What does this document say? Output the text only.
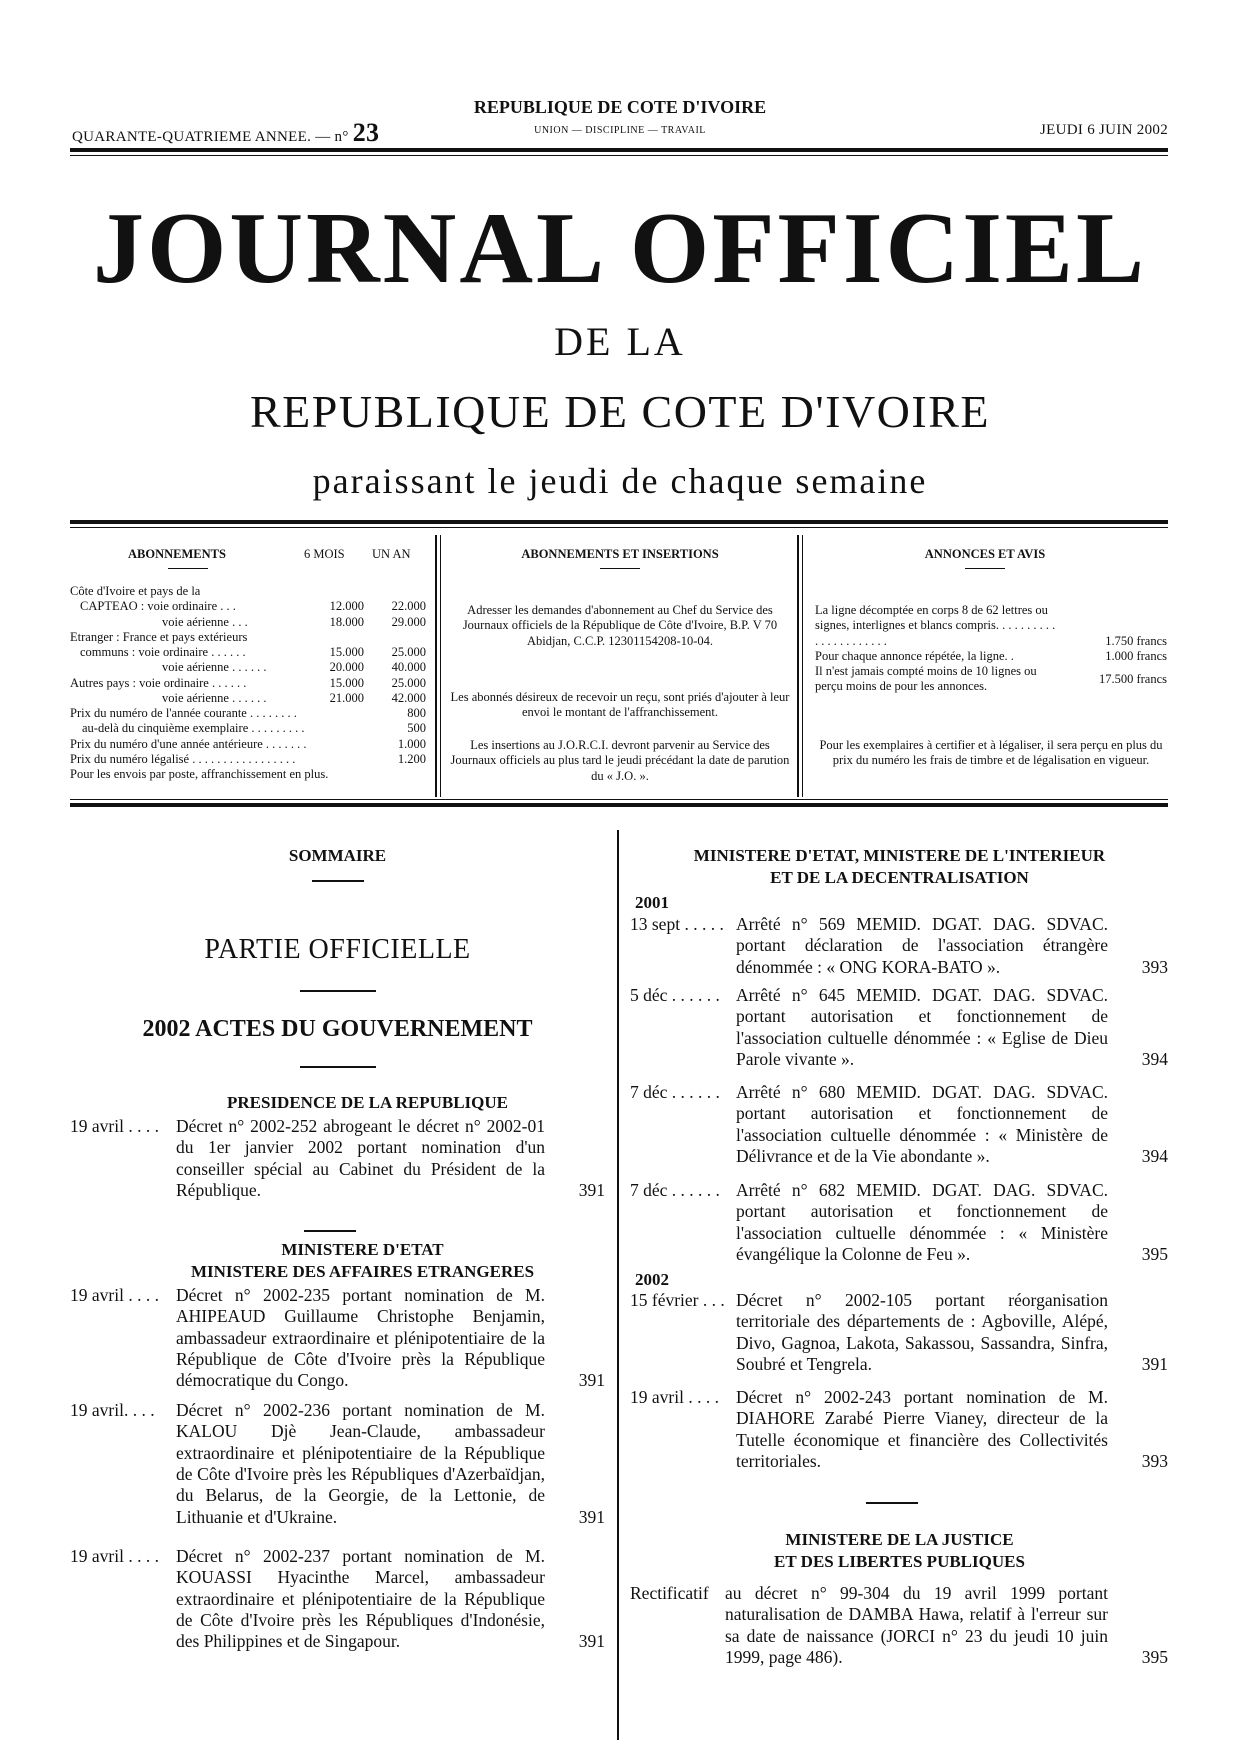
QUARANTE-QUATRIEME ANNEE. — n° 23
REPUBLIQUE DE COTE D'IVOIRE
UNION — DISCIPLINE — TRAVAIL	JEUDI 6 JUIN 2002
JOURNAL OFFICIEL
DE LA
REPUBLIQUE DE COTE D'IVOIRE
paraissant le jeudi de chaque semaine
ABONNEMENTS	6 MOIS UN AN
Côte d'Ivoire et pays de la
CAPTEAO : voie ordinaire . . .	12.000	22.000
voie aérienne . . .	18.000	29.000
Etranger : France et pays extérieurs
communs : voie ordinaire . . . . . .	15.000	25.000
voie aérienne . . . . . .	20.000	40.000
Autres pays : voie ordinaire . . . . . .	15.000	25.000
voie aérienne . . . . . .	21.000	42.000
Prix du numéro de l'année courante . . . . . . . .	800
au-delà du cinquième exemplaire . . . . . . . . .	500
Prix du numéro d'une année antérieure . . . . . . .	1.000
Prix du numéro légalisé . . . . . . . . . . . . . . . . .	1.200
Pour les envois par poste, affranchissement en plus.
ABONNEMENTS ET INSERTIONS
Adresser les demandes d'abonnement au Chef du Service des Journaux officiels de la République de Côte d'Ivoire, B.P. V 70 Abidjan, C.C.P. 12301154208-10-04.
Les abonnés désireux de recevoir un reçu, sont priés d'ajouter à leur envoi le montant de l'affranchissement.
Les insertions au J.O.R.C.I. devront parvenir au Service des Journaux officiels au plus tard le jeudi précédant la date de parution du « J.O. ».
ANNONCES ET AVIS
La ligne décomptée en corps 8 de 62 lettres ou signes, interlignes et blancs compris. . . . . . . . . . . . . . . . . . . . . .	1.750 francs
Pour chaque annonce répétée, la ligne. .	1.000 francs
Il n'est jamais compté moins de 10 lignes ou perçu moins de pour les annonces.
17.500 francs
Pour les exemplaires à certifier et à légaliser, il sera perçu en plus du prix du numéro les frais de timbre et de légalisation en vigueur.
SOMMAIRE
PARTIE OFFICIELLE
2002 ACTES DU GOUVERNEMENT
PRESIDENCE DE LA REPUBLIQUE
19 avril . . . . Décret n° 2002-252 abrogeant le décret n° 2002-01 du 1er janvier 2002 portant nomination d'un conseiller spécial au Cabinet du Président de la République.	391
MINISTERE D'ETAT
MINISTERE DES AFFAIRES ETRANGERES
19 avril . . . . Décret n° 2002-235 portant nomination de M. AHIPEAUD Guillaume Christophe Benjamin, ambassadeur extraordinaire et plénipotentiaire de la République de Côte d'Ivoire près la République démocratique du Congo.	391
19 avril. . . . Décret n° 2002-236 portant nomination de M. KALOU Djè Jean-Claude, ambassadeur extraordinaire et plénipotentiaire de la République de Côte d'Ivoire près les Républiques d'Azerbaïdjan, du Belarus, de la Georgie, de la Lettonie, de Lithuanie et d'Ukraine.	391
19 avril . . . . Décret n° 2002-237 portant nomination de M. KOUASSI Hyacinthe Marcel, ambassadeur extraordinaire et plénipotentiaire de la République de Côte d'Ivoire près les Républiques d'Indonésie, des Philippines et de Singapour.	391
MINISTERE D'ETAT, MINISTERE DE L'INTERIEUR
ET DE LA DECENTRALISATION
2001
13 sept . . . . . Arrêté n° 569 MEMID. DGAT. DAG. SDVAC. portant déclaration de l'association étrangère dénommée : « ONG KORA-BATO ».	393
5 déc . . . . . . Arrêté n° 645 MEMID. DGAT. DAG. SDVAC. portant autorisation et fonctionnement de l'association cultuelle dénommée : « Eglise de Dieu Parole vivante ».	394
7 déc . . . . . . Arrêté n° 680 MEMID. DGAT. DAG. SDVAC. portant autorisation et fonctionnement de l'association cultuelle dénommée : « Ministère de Délivrance et de la Vie abondante ».	394
7 déc . . . . . . Arrêté n° 682 MEMID. DGAT. DAG. SDVAC. portant autorisation et fonctionnement de l'association cultuelle dénommée : « Ministère évangélique la Colonne de Feu ».	395
2002
15 février . . . Décret n° 2002-105 portant réorganisation territoriale des départements de : Agboville, Alépé, Divo, Gagnoa, Lakota, Sakassou, Sassandra, Sinfra, Soubré et Tengrela.	391
19 avril . . . . Décret n° 2002-243 portant nomination de M. DIAHORE Zarabé Pierre Vianey, directeur de la Tutelle économique et financière des Collectivités territoriales.	393
MINISTERE DE LA JUSTICE
ET DES LIBERTES PUBLIQUES
Rectificatif au décret n° 99-304 du 19 avril 1999 portant naturalisation de DAMBA Hawa, relatif à l'erreur sur sa date de naissance (JORCI n° 23 du jeudi 10 juin 1999, page 486).	395
